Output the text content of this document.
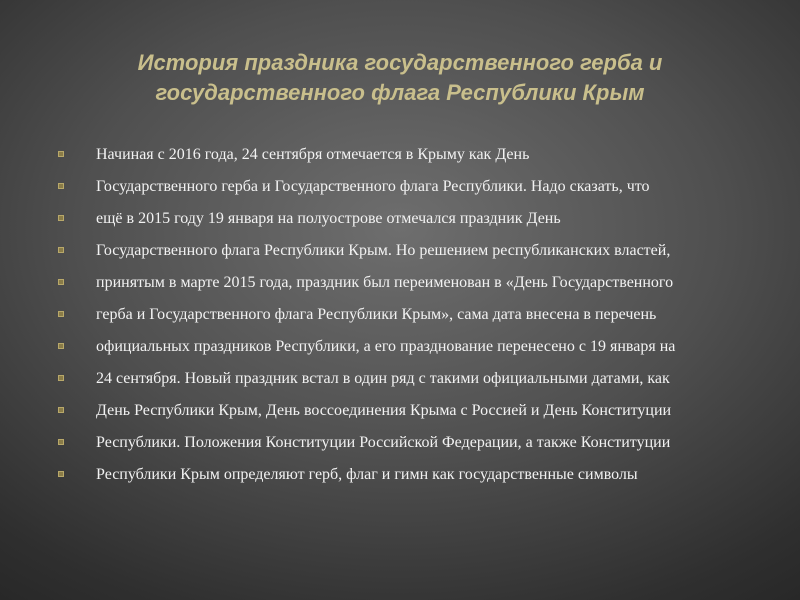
История праздника государственного герба и государственного флага Республики Крым
Начиная с 2016 года, 24 сентября отмечается в Крыму как День
Государственного герба и Государственного флага Республики. Надо сказать, что
ещё в 2015 году 19 января на полуострове отмечался праздник День
Государственного флага Республики Крым. Но решением республиканских властей,
принятым в марте 2015 года, праздник был переименован в «День Государственного
герба и Государственного флага Республики Крым», сама дата внесена в перечень
официальных праздников Республики, а его празднование перенесено с 19 января на
24 сентября. Новый праздник встал в один ряд с такими официальными датами, как
День Республики Крым, День воссоединения Крыма с Россией и День Конституции
Республики. Положения Конституции Российской Федерации, а также Конституции
Республики Крым определяют герб, флаг и гимн как государственные символы
